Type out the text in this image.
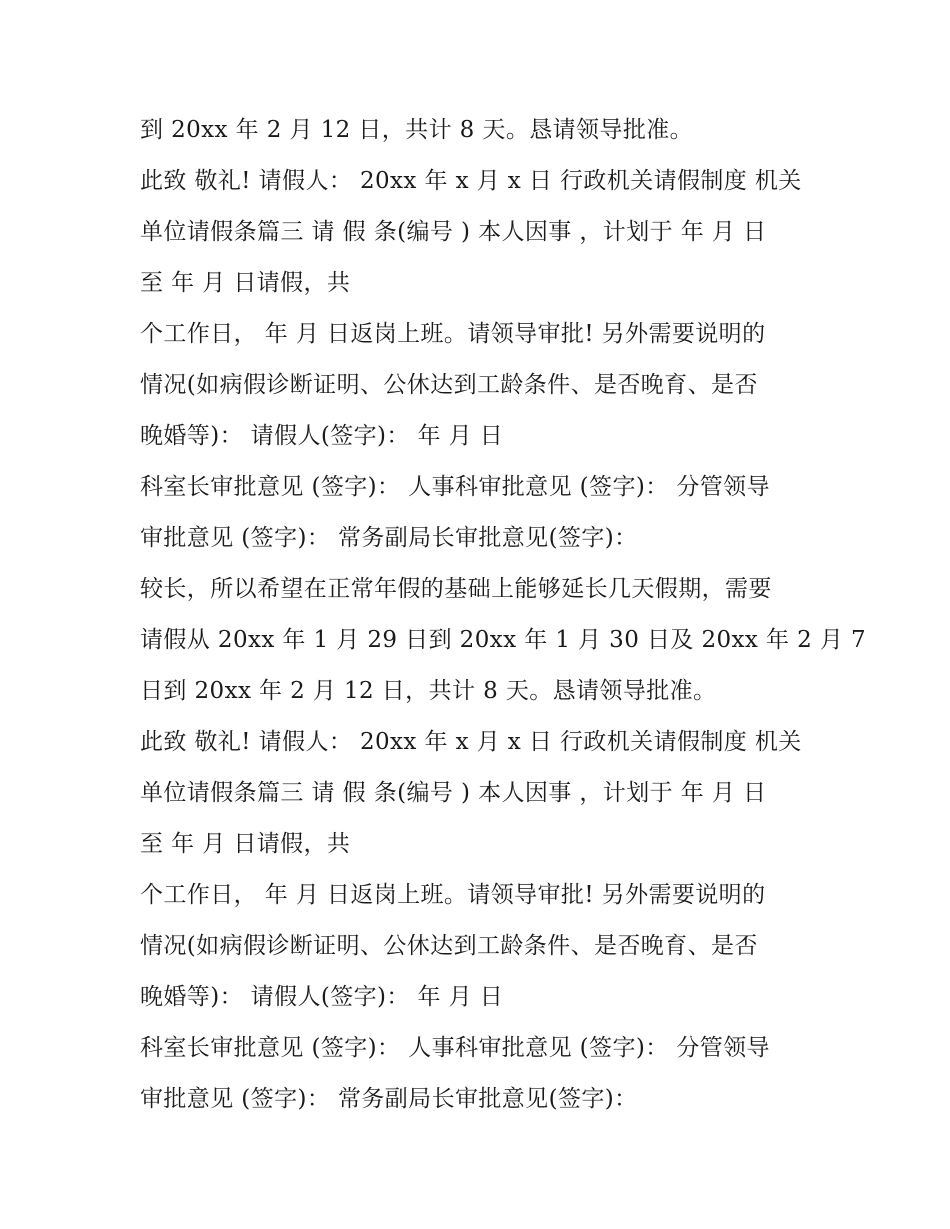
到 20xx 年 2 月 12 日，共计 8 天。恳请领导批准。
此致 敬礼! 请假人： 20xx 年 x 月 x 日 行政机关请假制度 机关
单位请假条篇三 请 假 条(编号 ) 本人因事 ，计划于 年 月 日
至 年 月 日请假，共
个工作日， 年 月 日返岗上班。请领导审批! 另外需要说明的
情况(如病假诊断证明、公休达到工龄条件、是否晚育、是否
晚婚等)： 请假人(签字)： 年 月 日
科室长审批意见 (签字)： 人事科审批意见 (签字)： 分管领导
审批意见 (签字)： 常务副局长审批意见(签字)：
较长，所以希望在正常年假的基础上能够延长几天假期，需要
请假从 20xx 年 1 月 29 日到 20xx 年 1 月 30 日及 20xx 年 2 月 7
日到 20xx 年 2 月 12 日，共计 8 天。恳请领导批准。
此致 敬礼! 请假人： 20xx 年 x 月 x 日 行政机关请假制度 机关
单位请假条篇三 请 假 条(编号 ) 本人因事 ，计划于 年 月 日
至 年 月 日请假，共
个工作日， 年 月 日返岗上班。请领导审批! 另外需要说明的
情况(如病假诊断证明、公休达到工龄条件、是否晚育、是否
晚婚等)： 请假人(签字)： 年 月 日
科室长审批意见 (签字)： 人事科审批意见 (签字)： 分管领导
审批意见 (签字)： 常务副局长审批意见(签字)：
